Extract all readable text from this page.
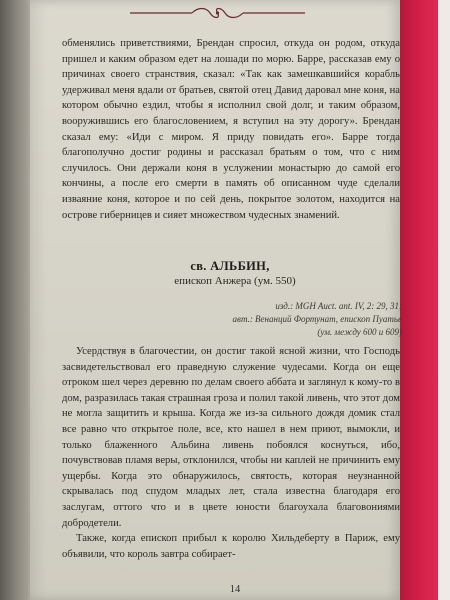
обменялись приветствиями, Брендан спросил, откуда он родом, откуда пришел и каким образом едет на лошади по морю. Барре, рассказав ему о причинах своего странствия, сказал: «Так как замешкавшийся корабль удерживал меня вдали от братьев, святой отец Давид даровал мне коня, на котором обычно ездил, чтобы я исполнил свой долг, и таким образом, вооружившись его благословением, я вступил на эту дорогу». Брендан сказал ему: «Иди с миром. Я приду повидать его». Барре тогда благополучно достиг родины и рассказал братьям о том, что с ним случилось. Они держали коня в услужении монастырю до самой его кончины, а после его смерти в память об описанном чуде сделали изваяние коня, которое и по сей день, покрытое золотом, находится на острове гиберницев и сияет множеством чудесных знамений.

св. АЛЬБИН,
епископ Анжера (ум. 550)
изд.: MGH Auct. ant. IV, 2: 29, 31;
авт.: Венанций Фортунат, епископ Пуатье
(ум. между 600 и 609)

Усердствуя в благочестии, он достиг такой ясной жизни, что Господь засвидетельствовал его праведную служение чудесами. Когда он еще отроком шел через деревню по делам своего аббата и заглянул к кому-то в дом, разразилась такая страшная гроза и полил такой ливень, что этот дом не могла защитить и крыша. Когда же из-за сильного дождя домик стал все равно что открытое поле, все, кто нашел в нем приют, вымокли, и только блаженного Альбина ливень побоялся коснуться, ибо, почувствовав пламя веры, отклонился, чтобы ни каплей не причинить ему ущербы. Когда это обнаружилось, святость, которая неузнанной скрывалась под спудом младых лет, стала известна благодаря его заслугам, оттого что и в цвете юности благоухала благовониями добродетели.

Также, когда епископ прибыл к королю Хильдеберту в Париж, ему объявили, что король завтра собирает-

14
